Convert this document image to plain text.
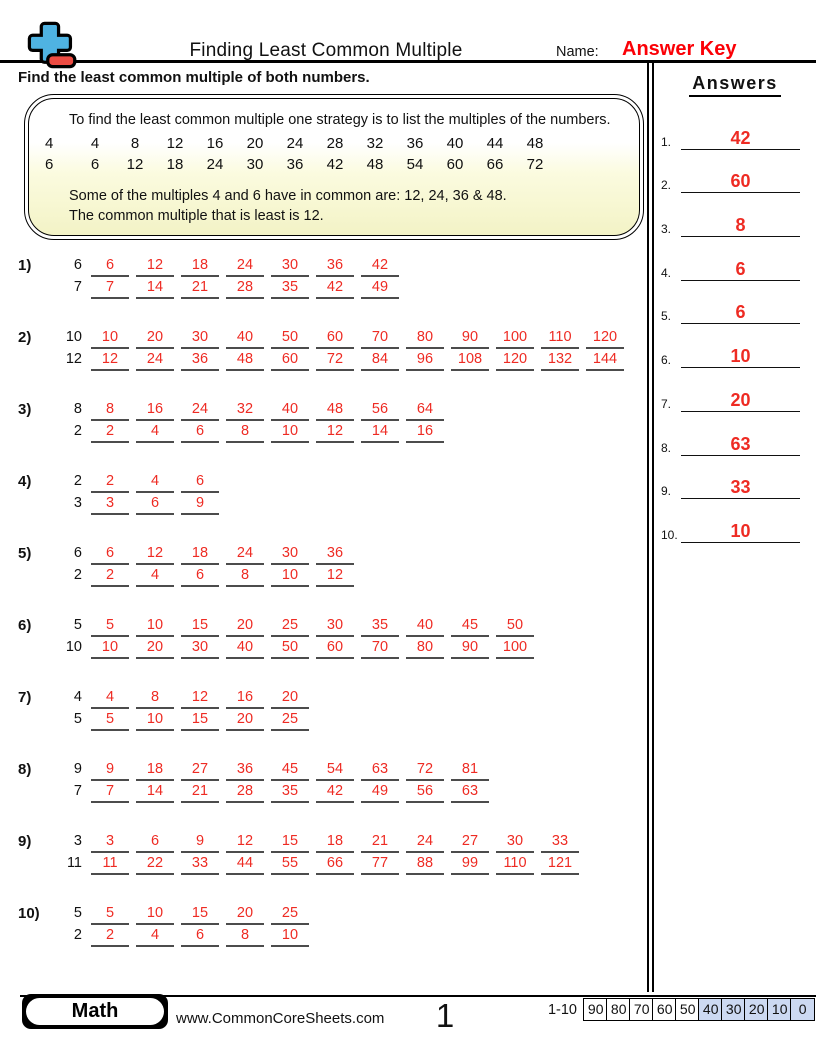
Finding Least Common Multiple	Name: Answer Key
Find the least common multiple of both numbers.

To find the least common multiple one strategy is to list the multiples of the numbers.

4	4	8	12	16	20	24	28	32	36	40	44	48
6	6	12	18	24	30	36	42	48	54	60	66	72

Some of the multiples 4 and 6 have in common are: 12, 24, 36 & 48.

The common multiple that is least is 12.

1)	6	6	12	18	24	30	36	42
7	7	14	21	28	35	42	49
2)	10	10	20	30	40	50	60	70	80	90	100	110	120
12	12	24	36	48	60	72	84	96	108	120	132	144
3)	8	8	16	24	32	40	48	56	64
2	2	4	6	8	10	12	14	16
4)	2	2	4	6
3	3	6	9
5)	6	6	12	18	24	30	36
2	2	4	6	8	10	12
6)	5	5	10	15	20	25	30	35	40	45	50
10	10	20	30	40	50	60	70	80	90	100
7)	4	4	8	12	16	20
5	5	10	15	20	25
8)	9	9	18	27	36	45	54	63	72	81
7	7	14	21	28	35	42	49	56	63
9)	3	3	6	9	12	15	18	21	24	27	30	33
11	11	22	33	44	55	66	77	88	99	110	121
10)	5	5	10	15	20	25
2	2	4	6	8	10
Answers
1.	42
2.	60
3.	8
4.	6
5.	6
6.	10
7.	20
8.	63
9.	33
10.	10
Math	www.CommonCoreSheets.com	1	1-10 90 80 70 60 50 40 30 20 10 0
